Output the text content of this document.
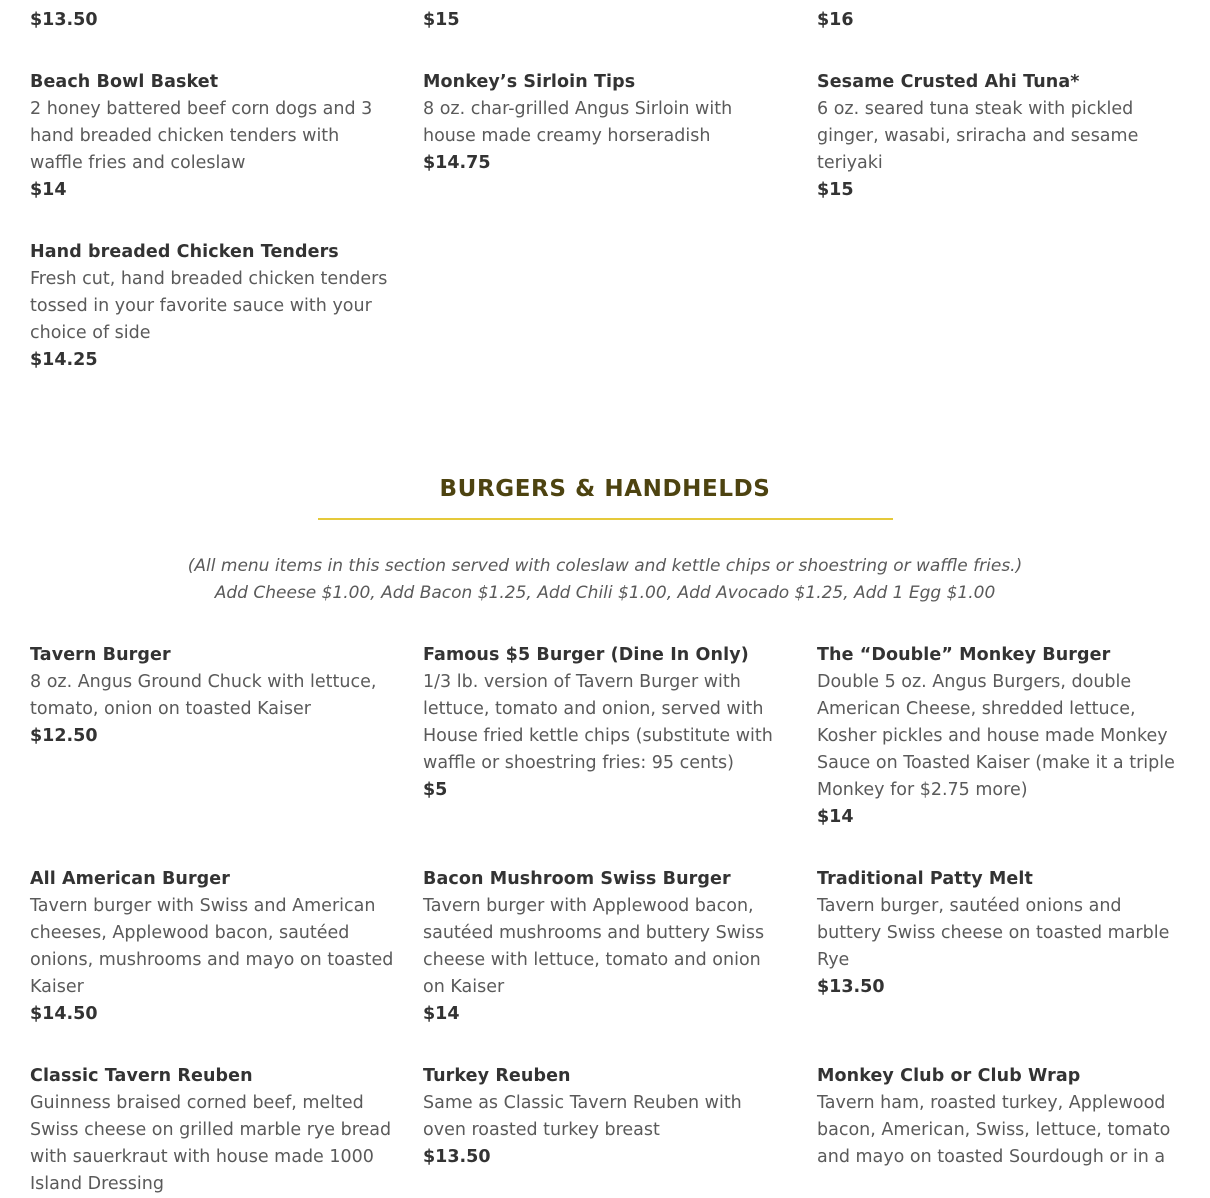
$13.50	$15	$16
Beach Bowl Basket
2 honey battered beef corn dogs and 3 hand breaded chicken tenders with waffle fries and coleslaw
$14
Monkey’s Sirloin Tips
8 oz. char-grilled Angus Sirloin with house made creamy horseradish
$14.75
Sesame Crusted Ahi Tuna*
6 oz. seared tuna steak with pickled ginger, wasabi, sriracha and sesame teriyaki
$15
Hand breaded Chicken Tenders
Fresh cut, hand breaded chicken tenders tossed in your favorite sauce with your choice of side
$14.25
BURGERS & HANDHELDS
(All menu items in this section served with coleslaw and kettle chips or shoestring or waffle fries.)
Add Cheese $1.00, Add Bacon $1.25, Add Chili $1.00, Add Avocado $1.25, Add 1 Egg $1.00
Tavern Burger
8 oz. Angus Ground Chuck with lettuce, tomato, onion on toasted Kaiser
$12.50
Famous $5 Burger (Dine In Only)
1/3 lb. version of Tavern Burger with lettuce, tomato and onion, served with House fried kettle chips (substitute with waffle or shoestring fries: 95 cents)
$5
The “Double” Monkey Burger
Double 5 oz. Angus Burgers, double American Cheese, shredded lettuce, Kosher pickles and house made Monkey Sauce on Toasted Kaiser (make it a triple Monkey for $2.75 more)
$14
All American Burger
Tavern burger with Swiss and American cheeses, Applewood bacon, sautéed onions, mushrooms and mayo on toasted Kaiser
$14.50
Bacon Mushroom Swiss Burger
Tavern burger with Applewood bacon, sautéed mushrooms and buttery Swiss cheese with lettuce, tomato and onion on Kaiser
$14
Traditional Patty Melt
Tavern burger, sautéed onions and buttery Swiss cheese on toasted marble Rye
$13.50
Classic Tavern Reuben
Guinness braised corned beef, melted Swiss cheese on grilled marble rye bread with sauerkraut with house made 1000 Island Dressing
Turkey Reuben
Same as Classic Tavern Reuben with oven roasted turkey breast
$13.50
Monkey Club or Club Wrap
Tavern ham, roasted turkey, Applewood bacon, American, Swiss, lettuce, tomato and mayo on toasted Sourdough or in a
